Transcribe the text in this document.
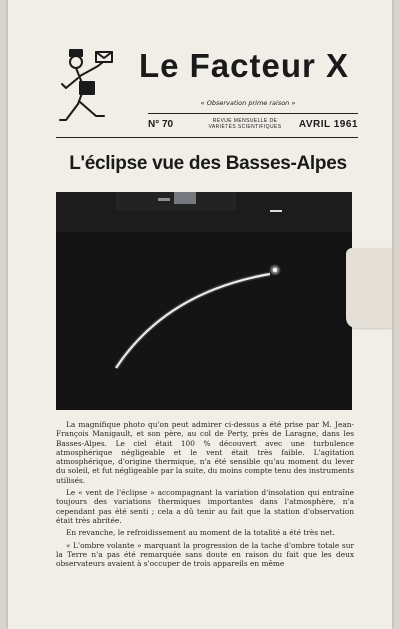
Le Facteur X
« Observation prime raison »
N° 70	REVUE MENSUELLE DE VARIÉTÉS SCIENTIFIQUES AVRIL 1961
L'éclipse vue des Basses-Alpes

La magnifique photo qu'on peut admirer ci-dessus a été prise par M. Jean-François Manigault, et son père, au col de Perty, près de Laragne, dans les Basses-Alpes. Le ciel était 100 % découvert avec une turbulence atmosphérique négligeable et le vent était très faible. L'agitation atmosphérique, d'origine thermique, n'a été sensible qu'au moment du lever du soleil, et fut négligeable par la suite, du moins compte tenu des instruments utilisés.

Le « vent de l'éclipse » accompagnant la variation d'insolation qui entraîne toujours des variations thermiques importantes dans l'atmosphère, n'a cependant pas été senti ; cela a dû tenir au fait que la station d'observation était très abritée.

En revanche, le refroidissement au moment de la totalité a été très net.

« L'ombre volante » marquant la progression de la tache d'ombre totale sur la Terre n'a pas été remarquée sans doute en raison du fait que les deux observateurs avaient à s'occuper de trois appareils en même
